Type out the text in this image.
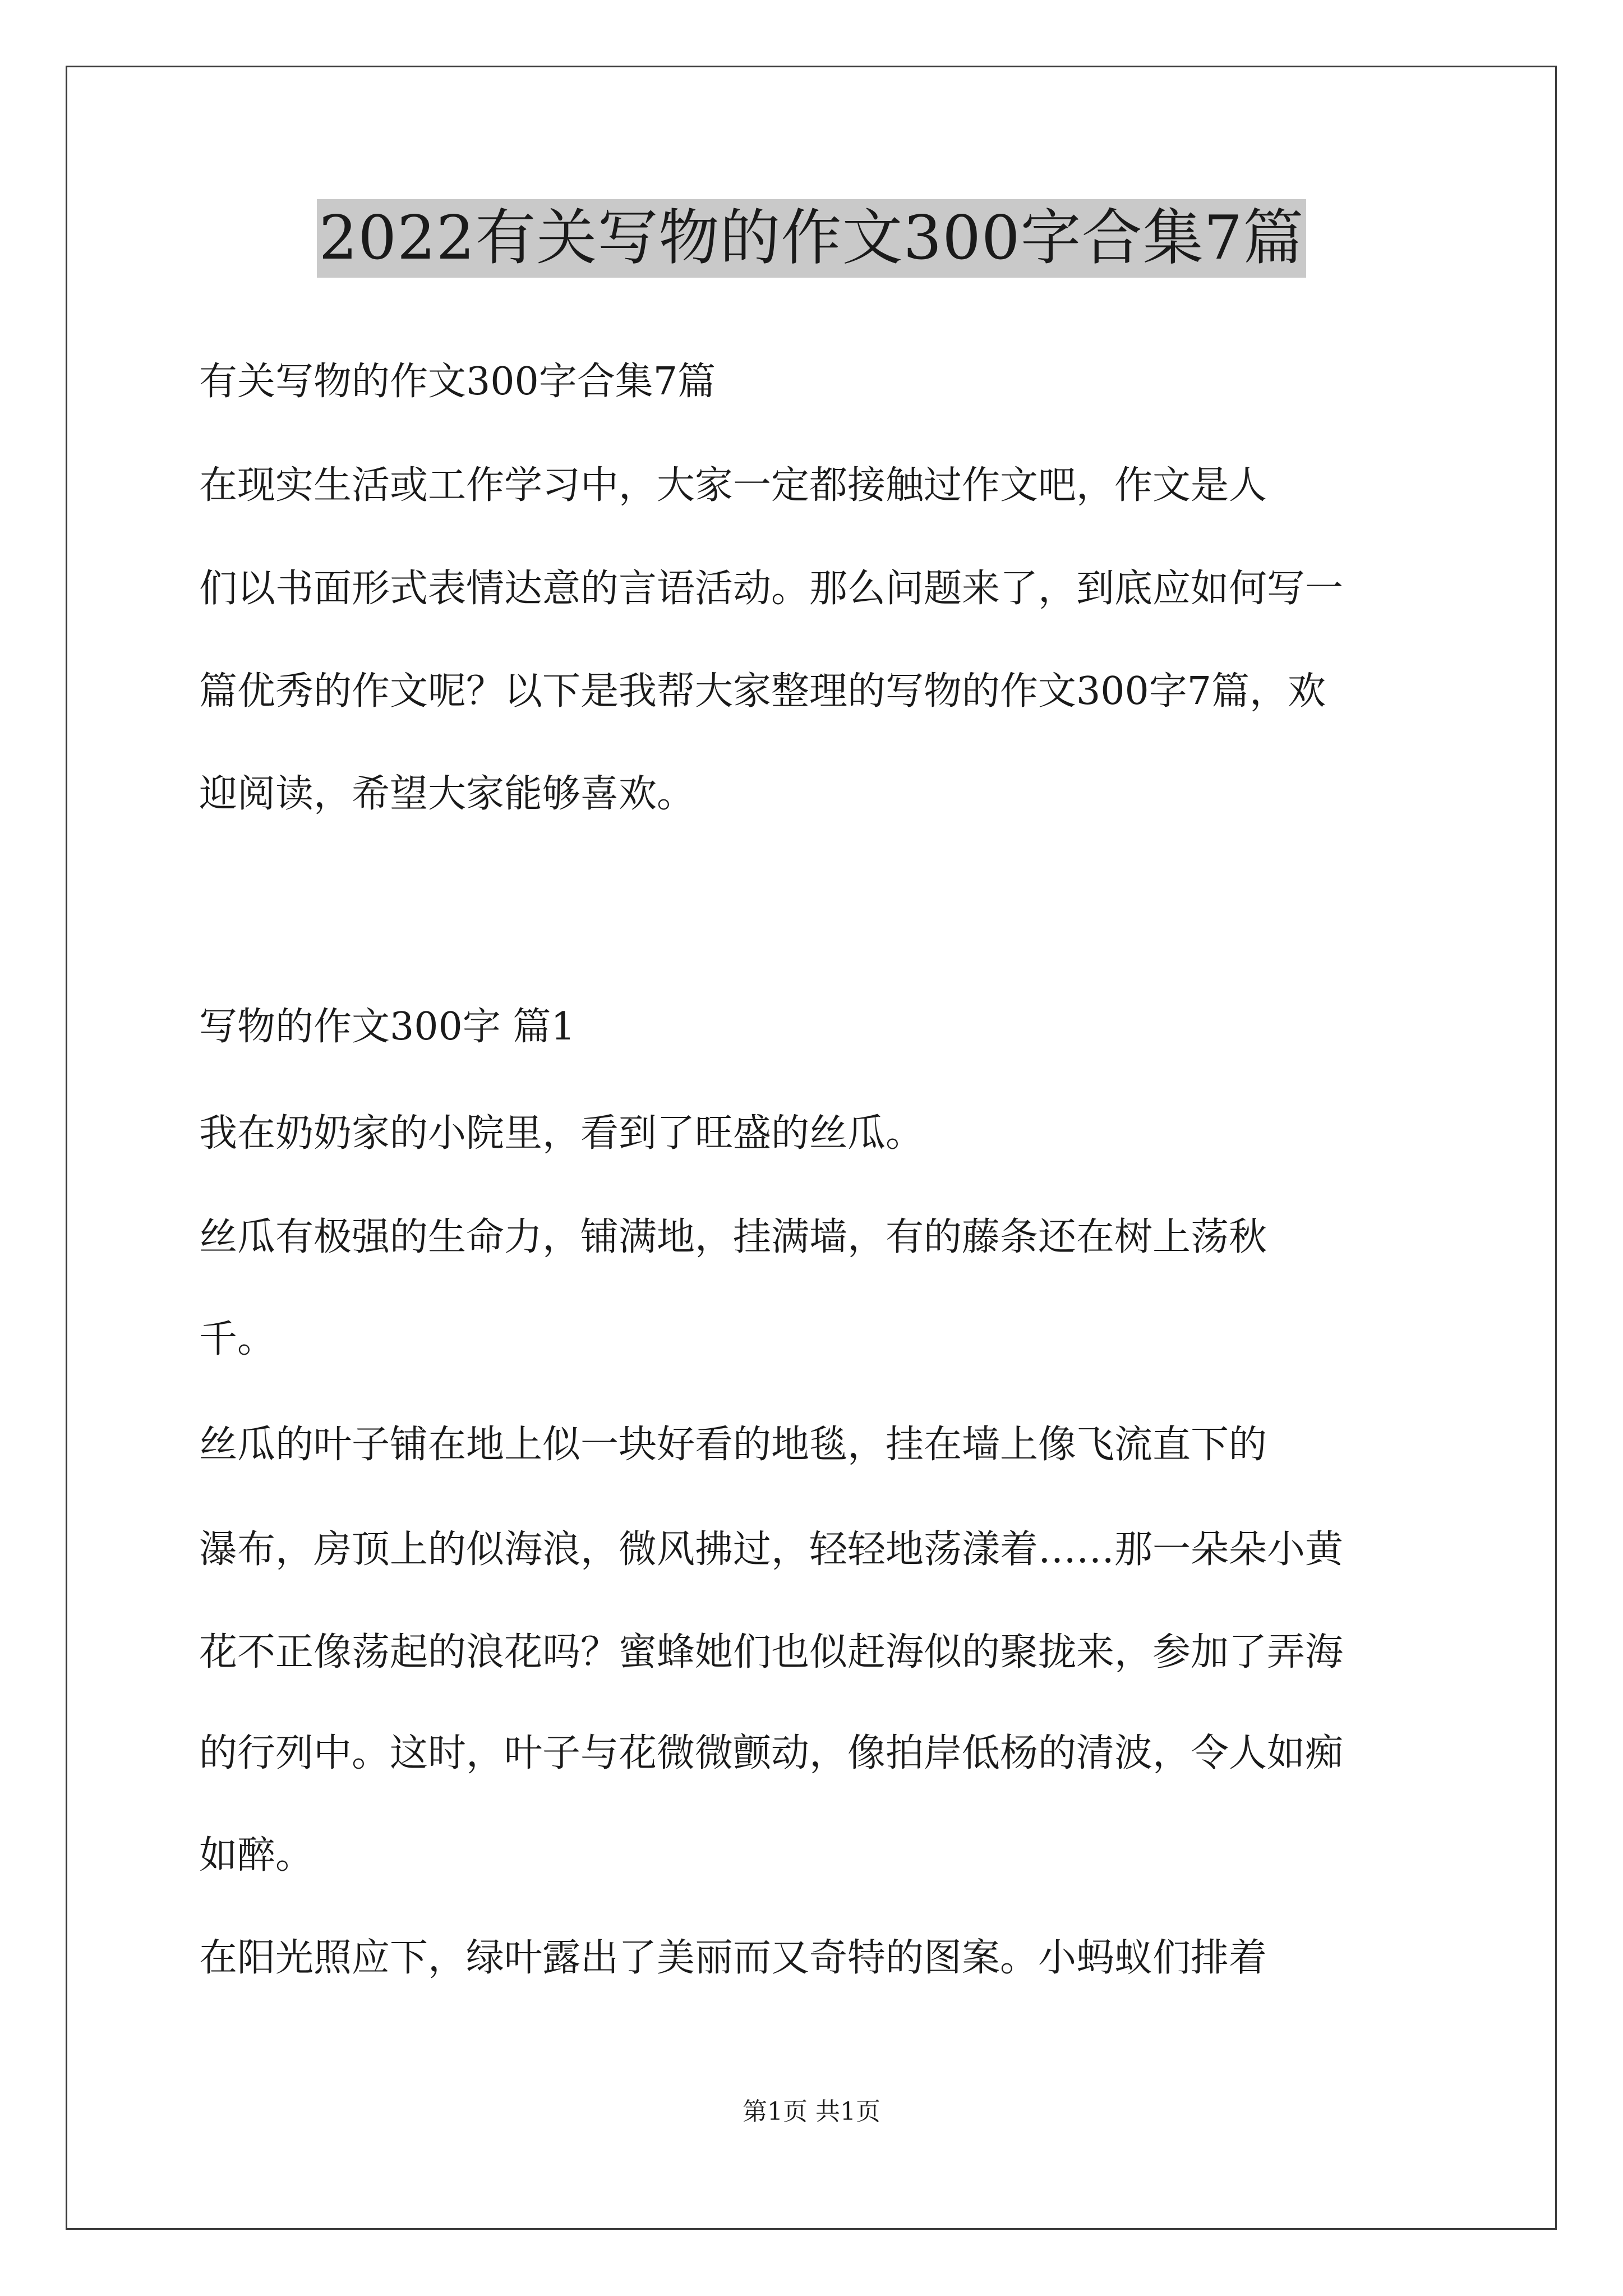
2022有关写物的作文300字合集7篇
有关写物的作文300字合集7篇
在现实生活或工作学习中，大家一定都接触过作文吧，作文是人
们以书面形式表情达意的言语活动。那么问题来了，到底应如何写一
篇优秀的作文呢？以下是我帮大家整理的写物的作文300字7篇，欢
迎阅读，希望大家能够喜欢。
写物的作文300字 篇1
我在奶奶家的小院里，看到了旺盛的丝瓜。
丝瓜有极强的生命力，铺满地，挂满墙，有的藤条还在树上荡秋
千。
丝瓜的叶子铺在地上似一块好看的地毯，挂在墙上像飞流直下的
瀑布，房顶上的似海浪，微风拂过，轻轻地荡漾着……那一朵朵小黄
花不正像荡起的浪花吗？蜜蜂她们也似赶海似的聚拢来，参加了弄海
的行列中。这时，叶子与花微微颤动，像拍岸低杨的清波，令人如痴
如醉。
在阳光照应下，绿叶露出了美丽而又奇特的图案。小蚂蚁们排着
第1页 共1页
